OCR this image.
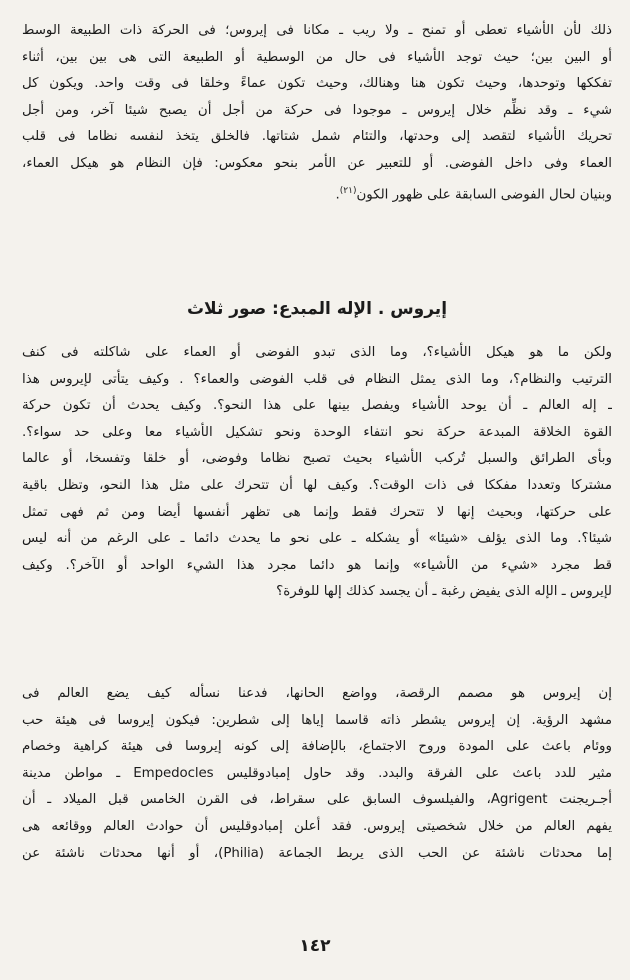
ذلك لأن الأشياء تعطى أو تمنح ـ ولا ريب ـ مكانا فى إيروس؛ فى الحركة ذات الطبيعة الوسط
أو البين بين؛ حيث توجد الأشياء فى حال من الوسطية أو الطبيعة التى هى بين بين، أثناء
تفككها وتوحدها، وحيث تكون هنا وهنالك، وحيث تكون عماءً وخلقا فى وقت واحد. ويكون كل
شيء ـ وقد نظِّم خلال إيروس ـ موجودا فى حركة من أجل أن يصبح شيئا آخر، ومن أجل
تحريك الأشياء لتقصد إلى وحدتها، والتئام شمل شتاتها. فالخلق يتخذ لنفسه نظاما فى قلب
العماء وفى داخل الفوضى. أو للتعبير عن الأمر بنحو معكوس: فإن النظام هو هيكل العماء،
وبنيان لحال الفوضى السابقة على ظهور الكون$^{(٢١)}$.
إيروس . الإله المبدع: صور ثلاث
ولكن ما هو هيكل الأشياء؟، وما الذى تبدو الفوضى أو العماء على شاكلته فى كنف
الترتيب والنظام؟، وما الذى يمثل النظام فى قلب الفوضى والعماء؟ . وكيف يتأتى لإيروس هذا
ـ إله العالم ـ أن يوحد الأشياء ويفصل بينها على هذا النحو؟. وكيف يحدث أن تكون حركة
القوة الخلاقة المبدعة حركة نحو انتفاء الوحدة ونحو تشكيل الأشياء معا وعلى حد سواء؟.
وبأى الطرائق والسبل تُركب الأشياء بحيث تصبح نظاما وفوضى، أو خلقا وتفسخا، أو عالما
مشتركا وتعددا مفككا فى ذات الوقت؟. وكيف لها أن تتحرك على مثل هذا النحو، وتظل باقية
على حركتها، وبحيث إنها لا تتحرك فقط وإنما هى تظهر أنفسها أيضا ومن ثم فهى تمثل
شيئا؟. وما الذى يؤلف «شيئا» أو يشكله ـ على نحو ما يحدث دائما ـ على الرغم من أنه ليس
قط مجرد «شيء من الأشياء» وإنما هو دائما مجرد هذا الشيء الواحد أو الآخر؟. وكيف
لإيروس ـ الإله الذى يفيض رغبة ـ أن يجسد كذلك إلها للوفرة؟
إن إيروس هو مصمم الرقصة، وواضع الحانها، فدعنا نسأله كيف يضع العالم فى
مشهد الرؤية. إن إيروس يشطر ذاته قاسما إياها إلى شطرين: فيكون إيروسا فى هيئة حب
ووئام باعث على المودة وروح الاجتماع، بالإضافة إلى كونه إيروسا فى هيئة كراهية وخصام
مثير للدد باعث على الفرقة والبدد. وقد حاول إمبادوقليس Empedocles ـ مواطن مدينة
أجـريجنت Agrigent، والفيلسوف السابق على سقراط، فى القرن الخامس قبل الميلاد ـ أن
يفهم العالم من خلال شخصيتى إيروس. فقد أعلن إمبادوقليس أن حوادث العالم ووقائعه هى
إما محدثات ناشئة عن الحب الذى يربط الجماعة (Philia)، أو أنها محدثات ناشئة عن
١٤٢
